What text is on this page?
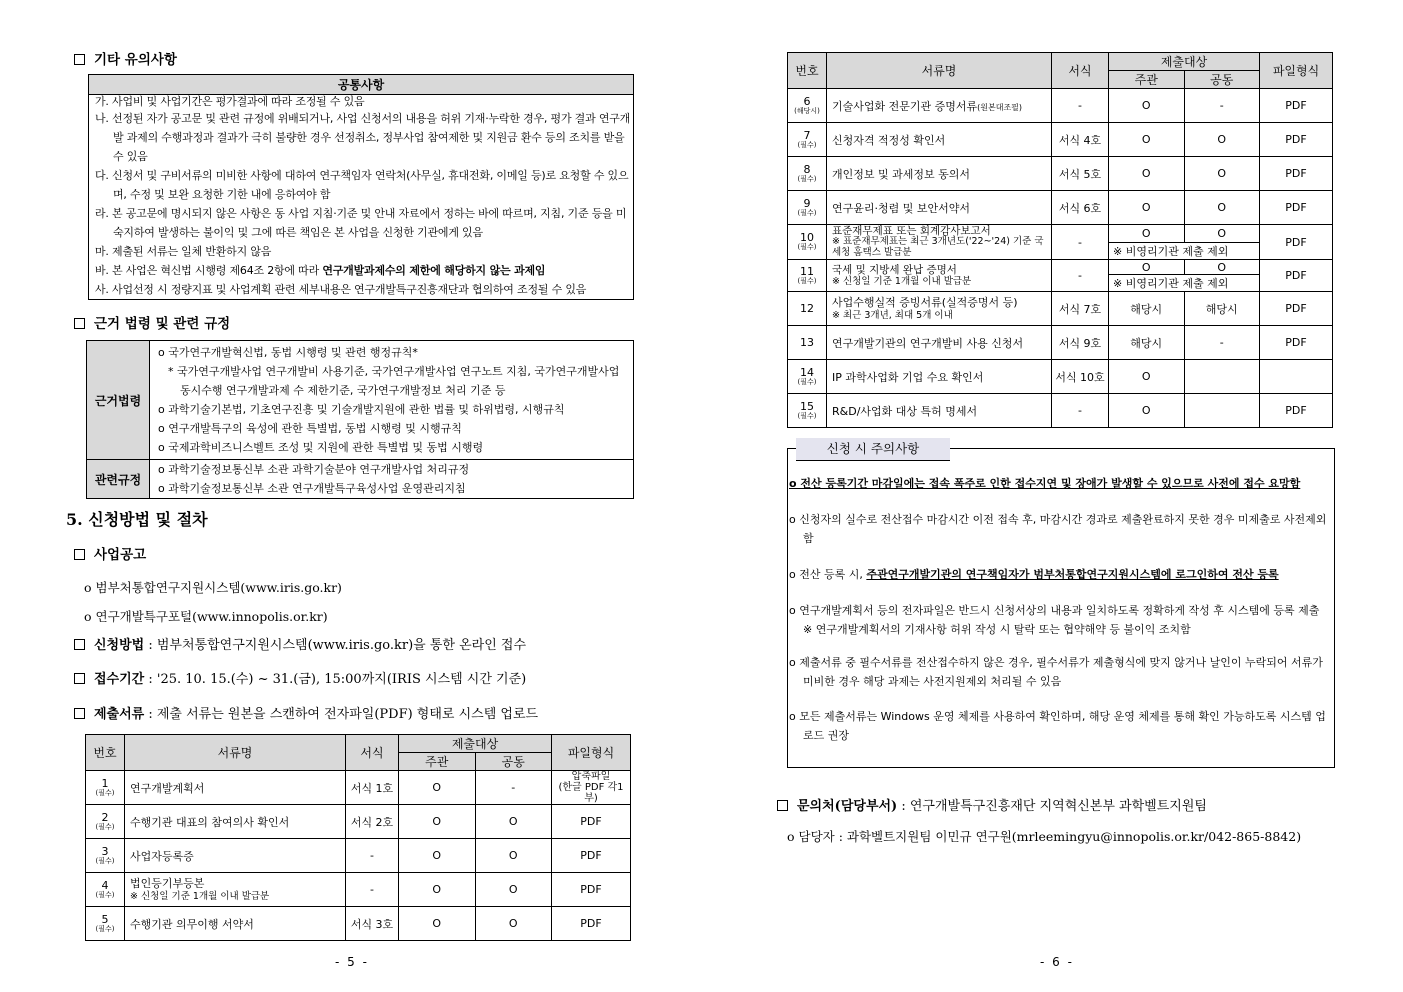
기타 유의사항
공통사항

가. 사업비 및 사업기간은 평가결과에 따라 조정될 수 있음

나. 선정된 자가 공고문 및 관련 규정에 위배되거나, 사업 신청서의 내용을 허위 기재·누락한 경우, 평가 결과 연구개발 과제의 수행과정과 결과가 극히 불량한 경우 선정취소, 정부사업 참여제한 및 지원금 환수 등의 조치를 받을 수 있음

다. 신청서 및 구비서류의 미비한 사항에 대하여 연구책임자 연락처(사무실, 휴대전화, 이메일 등)로 요청할 수 있으며, 수정 및 보완 요청한 기한 내에 응하여야 함

라. 본 공고문에 명시되지 않은 사항은 동 사업 지침·기준 및 안내 자료에서 정하는 바에 따르며, 지침, 기준 등을 미숙지하여 발생하는 불이익 및 그에 따른 책임은 본 사업을 신청한 기관에게 있음

마. 제출된 서류는 일체 반환하지 않음

바. 본 사업은 혁신법 시행령 제64조 2항에 따라 연구개발과제수의 제한에 해당하지 않는 과제임

사. 사업선정 시 정량지표 및 사업계획 관련 세부내용은 연구개발특구진흥재단과 협의하여 조정될 수 있음

근거 법령 및 관련 규정
근거법령	o 국가연구개발혁신법, 동법 시행령 및 관련 행정규칙*

* 국가연구개발사업 연구개발비 사용기준, 국가연구개발사업 연구노트 지침, 국가연구개발사업 동시수행 연구개발과제 수 제한기준, 국가연구개발정보 처리 기준 등

o 과학기술기본법, 기초연구진흥 및 기술개발지원에 관한 법률 및 하위법령, 시행규칙

o 연구개발특구의 육성에 관한 특별법, 동법 시행령 및 시행규칙

o 국제과학비즈니스벨트 조성 및 지원에 관한 특별법 및 동법 시행령

관련규정	o 과학기술정보통신부 소관 과학기술분야 연구개발사업 처리규정

o 과학기술정보통신부 소관 연구개발특구육성사업 운영관리지침

5. 신청방법 및 절차
사업공고
o 범부처통합연구지원시스템(www.iris.go.kr)
o 연구개발특구포털(www.innopolis.or.kr)
신청방법 : 범부처통합연구지원시스템(www.iris.go.kr)을 통한 온라인 접수
접수기간 : '25. 10. 15.(수) ~ 31.(금), 15:00까지(IRIS 시스템 시간 기준)
제출서류 : 제출 서류는 원본을 스캔하여 전자파일(PDF) 형태로 시스템 업로드
번호	서류명	서식	제출대상		파일형식
			주관	공동	
1
(필수)	연구개발계획서	서식 1호	O	-	압축파일
(한글 PDF 각1부)
2
(필수)	수행기관 대표의 참여의사 확인서	서식 2호	O	O	PDF
3
(필수)	사업자등록증	-	O	O	PDF
4
(필수)	법인등기부등본
※ 신청일 기준 1개월 이내 발급분	-	O	O	PDF
5
(필수)	수행기관 의무이행 서약서	서식 3호	O	O	PDF
- 5 -
번호	서류명	서식	제출대상		파일형식
			주관	공동	
6
(해당시)	기술사업화 전문기관 증명서류(원본대조필)	-	O	-	PDF
7
(필수)	신청자격 적정성 확인서	서식 4호	O	O	PDF
8
(필수)	개인정보 및 과세정보 동의서	서식 5호	O	O	PDF
9
(필수)	연구윤리·청렴 및 보안서약서	서식 6호	O	O	PDF
10
(필수)	표준재무제표 또는 회계감사보고서
※ 표준재무제표는 최근 3개년도('22~'24) 기준 국세청 홈택스 발급분	-	O	O	PDF
			※ 비영리기관 제출 제외		
11
(필수)	국세 및 지방세 완납 증명서
※ 신청일 기준 1개월 이내 발급분	-	O	O	PDF
			※ 비영리기관 제출 제외		
12	사업수행실적 증빙서류(실적증명서 등)
※ 최근 3개년, 최대 5개 이내	서식 7호	해당시	해당시	PDF
13	연구개발기관의 연구개발비 사용 신청서	서식 9호	해당시	-	PDF
14
(필수)	IP 과학사업화 기업 수요 확인서	서식 10호	O		
15
(필수)	R&D/사업화 대상 특허 명세서	-	O		PDF
신청 시 주의사항

o 전산 등록기간 마감일에는 접속 폭주로 인한 접수지연 및 장애가 발생할 수 있으므로 사전에 접수 요망함

o 신청자의 실수로 전산접수 마감시간 이전 접속 후, 마감시간 경과로 제출완료하지 못한 경우 미제출로 사전제외 함

o 전산 등록 시, 주관연구개발기관의 연구책임자가 범부처통합연구지원시스템에 로그인하여 전산 등록

o 연구개발계획서 등의 전자파일은 반드시 신청서상의 내용과 일치하도록 정확하게 작성 후 시스템에 등록 제출

※ 연구개발계획서의 기재사항 허위 작성 시 탈락 또는 협약해약 등 불이익 조치함

o 제출서류 중 필수서류를 전산접수하지 않은 경우, 필수서류가 제출형식에 맞지 않거나 날인이 누락되어 서류가 미비한 경우 해당 과제는 사전지원제외 처리될 수 있음

o 모든 제출서류는 Windows 운영 체제를 사용하여 확인하며, 해당 운영 체제를 통해 확인 가능하도록 시스템 업로드 권장

문의처(담당부서) : 연구개발특구진흥재단 지역혁신본부 과학벨트지원팀
o 담당자 : 과학벨트지원팀 이민규 연구원(mrleemingyu@innopolis.or.kr/042-865-8842)
- 6 -
